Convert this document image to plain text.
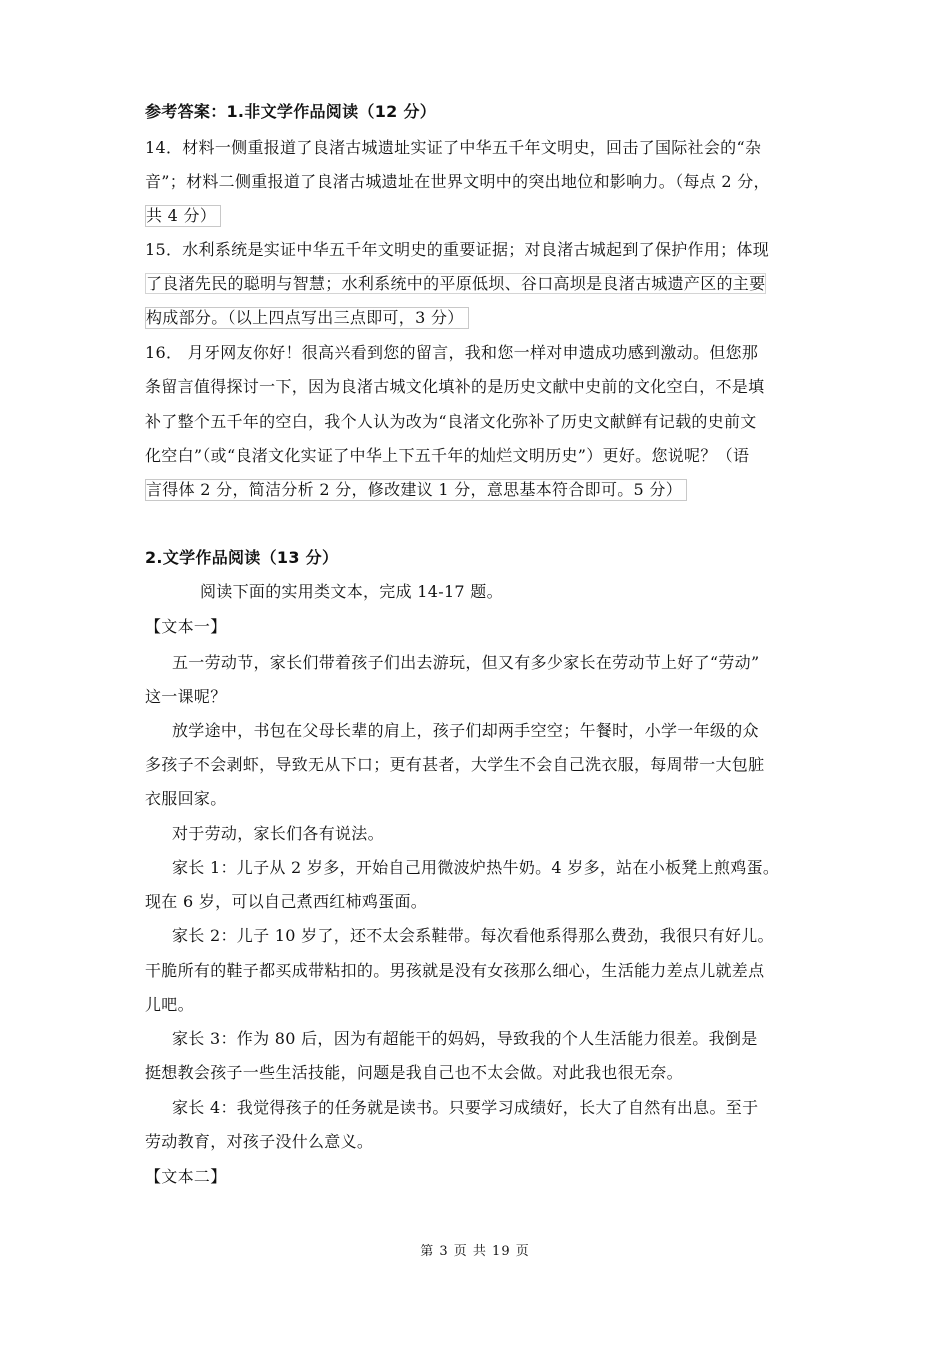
参考答案：1.非文学作品阅读（12 分）
14．材料一侧重报道了良渚古城遗址实证了中华五千年文明史，回击了国际社会的“杂
音”；材料二侧重报道了良渚古城遗址在世界文明中的突出地位和影响力。（每点 2 分，
共 4 分）
15．水利系统是实证中华五千年文明史的重要证据；对良渚古城起到了保护作用；体现
了良渚先民的聪明与智慧；水利系统中的平原低坝、谷口高坝是良渚古城遗产区的主要
构成部分。（以上四点写出三点即可，3 分）
16． 月牙网友你好！很高兴看到您的留言，我和您一样对申遗成功感到激动。但您那
条留言值得探讨一下，因为良渚古城文化填补的是历史文献中史前的文化空白，不是填
补了整个五千年的空白，我个人认为改为“良渚文化弥补了历史文献鲜有记载的史前文
化空白”（或“良渚文化实证了中华上下五千年的灿烂文明历史”）更好。您说呢？（语
言得体 2 分，简洁分析 2 分，修改建议 1 分，意思基本符合即可。5 分）
2.文学作品阅读（13 分）
阅读下面的实用类文本，完成 14-17 题。
【文本一】
五一劳动节，家长们带着孩子们出去游玩，但又有多少家长在劳动节上好了“劳动”
这一课呢？
放学途中，书包在父母长辈的肩上，孩子们却两手空空；午餐时，小学一年级的众
多孩子不会剥虾，导致无从下口；更有甚者，大学生不会自己洗衣服，每周带一大包脏
衣服回家。
对于劳动，家长们各有说法。
家长 1：儿子从 2 岁多，开始自己用微波炉热牛奶。4 岁多，站在小板凳上煎鸡蛋。
现在 6 岁，可以自己煮西红柿鸡蛋面。
家长 2：儿子 10 岁了，还不太会系鞋带。每次看他系得那么费劲，我很只有好儿。
干脆所有的鞋子都买成带粘扣的。男孩就是没有女孩那么细心，生活能力差点儿就差点
儿吧。
家长 3：作为 80 后，因为有超能干的妈妈，导致我的个人生活能力很差。我倒是
挺想教会孩子一些生活技能，问题是我自己也不太会做。对此我也很无奈。
家长 4：我觉得孩子的任务就是读书。只要学习成绩好，长大了自然有出息。至于
劳动教育，对孩子没什么意义。
【文本二】
第 3 页 共 19 页
